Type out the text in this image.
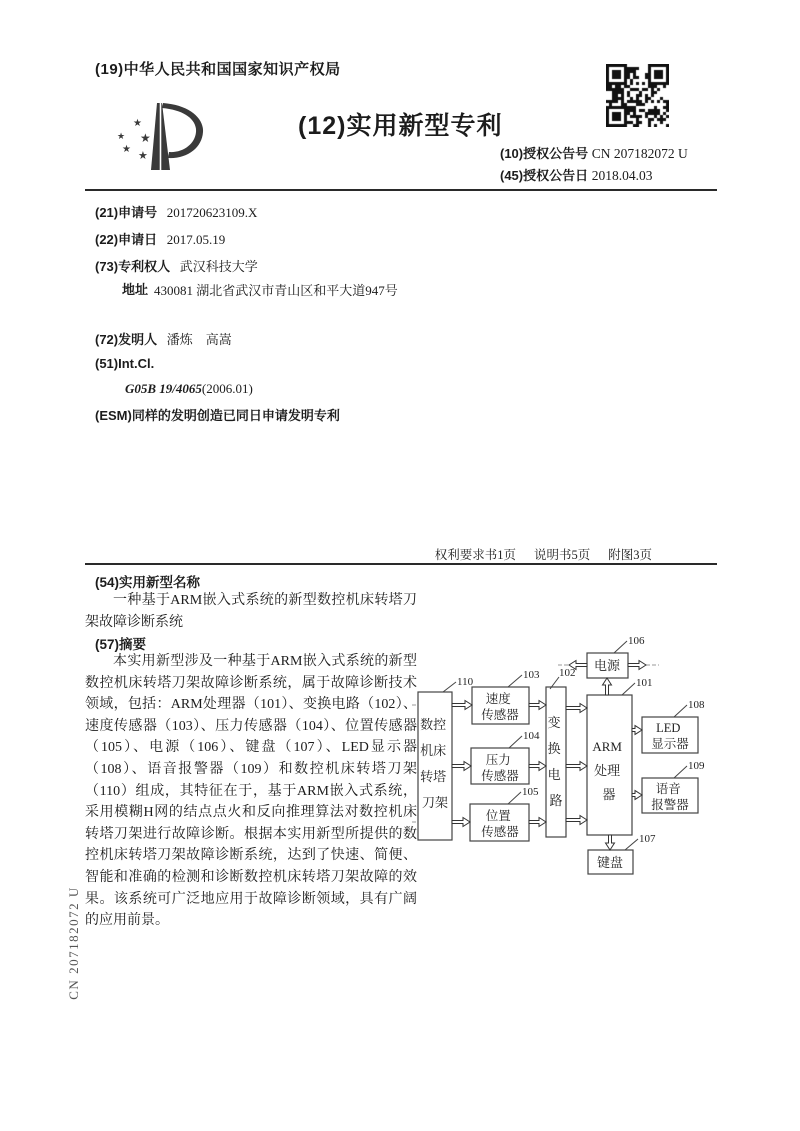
(19)中华人民共和国国家知识产权局
★
★ ★
★
★
(12)实用新型专利
(10)授权公告号 CN 207182072 U
(45)授权公告日 2018.04.03
(21)申请号 201720623109.X
(22)申请日 2017.05.19
(73)专利权人 武汉科技大学
地址 430081 湖北省武汉市青山区和平大道947号
(72)发明人 潘炼　高嵩
(51)Int.Cl.
G05B 19/4065(2006.01)
(ESM)同样的发明创造已同日申请发明专利
权利要求书1页 说明书5页 附图3页
(54)实用新型名称

一种基于ARM嵌入式系统的新型数控机床转塔刀架故障诊断系统

(57)摘要

本实用新型涉及一种基于ARM嵌入式系统的新型数控机床转塔刀架故障诊断系统，属于故障诊断技术领域，包括：ARM处理器（101）、变换电路（102）、速度传感器（103）、压力传感器（104）、位置传感器（105）、电源（106）、键盘（107）、LED显示器（108）、语音报警器（109）和数控机床转塔刀架（110）组成，其特征在于，基于ARM嵌入式系统，采用模糊H网的结点点火和反向推理算法对数控机床转塔刀架进行故障诊断。根据本实用新型所提供的数控机床转塔刀架故障诊断系统，达到了快速、简便、智能和准确的检测和诊断数控机床转塔刀架故障的效果。该系统可广泛地应用于故障诊断领域，具有广阔的应用前景。

数控 机床 转塔 刀架
速度 传感器
压力 传感器
位置 传感器
变 换 电 路
ARM 处理 器
电源
LED 显示器
语音 报警器
键盘
110
103
104
105
102
106
101
108
109
107
CN 207182072 U
